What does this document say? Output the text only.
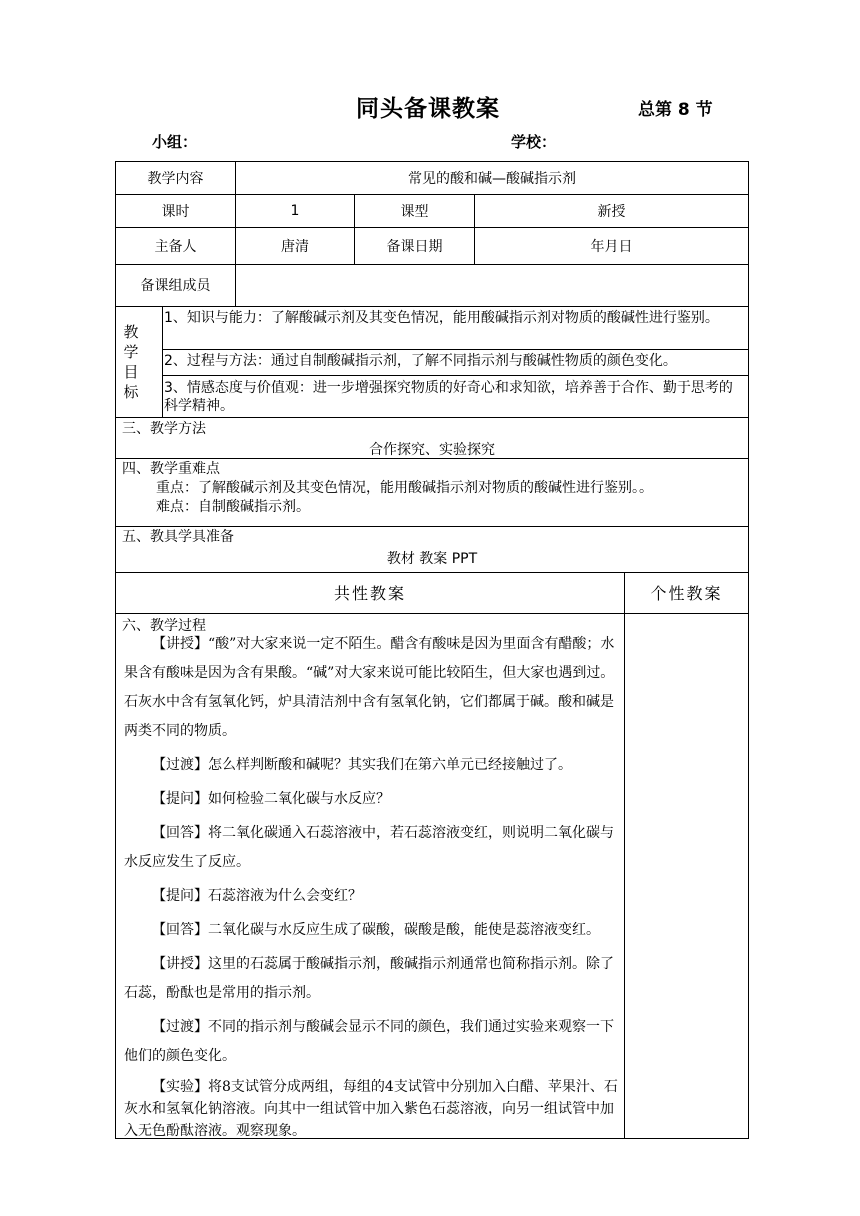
同头备课教案	总第 8 节
小组：	学校：
教学内容	常见的酸和碱—酸碱指示剂
课时	1	课型	新授
主备人	唐清	备课日期	年月日
备课组成员
教学目标
1、知识与能力：了解酸碱示剂及其变色情况，能用酸碱指示剂对物质的酸碱性进行鉴别。
2、过程与方法：通过自制酸碱指示剂，了解不同指示剂与酸碱性物质的颜色变化。
3、情感态度与价值观：进一步增强探究物质的好奇心和求知欲，培养善于合作、勤于思考的科学精神。
三、教学方法
合作探究、实验探究
四、教学重难点
重点：了解酸碱示剂及其变色情况，能用酸碱指示剂对物质的酸碱性进行鉴别。。
难点：自制酸碱指示剂。
五、教具学具准备
教材 教案 PPT
共性教案	个性教案
六、教学过程

【讲授】“酸”对大家来说一定不陌生。醋含有酸味是因为里面含有醋酸；水果含有酸味是因为含有果酸。“碱”对大家来说可能比较陌生，但大家也遇到过。石灰水中含有氢氧化钙，炉具清洁剂中含有氢氧化钠，它们都属于碱。酸和碱是两类不同的物质。

【过渡】怎么样判断酸和碱呢？其实我们在第六单元已经接触过了。

【提问】如何检验二氧化碳与水反应？

【回答】将二氧化碳通入石蕊溶液中，若石蕊溶液变红，则说明二氧化碳与水反应发生了反应。

【提问】石蕊溶液为什么会变红？

【回答】二氧化碳与水反应生成了碳酸，碳酸是酸，能使是蕊溶液变红。

【讲授】这里的石蕊属于酸碱指示剂，酸碱指示剂通常也简称指示剂。除了石蕊，酚酞也是常用的指示剂。

【过渡】不同的指示剂与酸碱会显示不同的颜色，我们通过实验来观察一下他们的颜色变化。

【实验】将8支试管分成两组，每组的4支试管中分别加入白醋、苹果汁、石灰水和氢氧化钠溶液。向其中一组试管中加入紫色石蕊溶液，向另一组试管中加入无色酚酞溶液。观察现象。
